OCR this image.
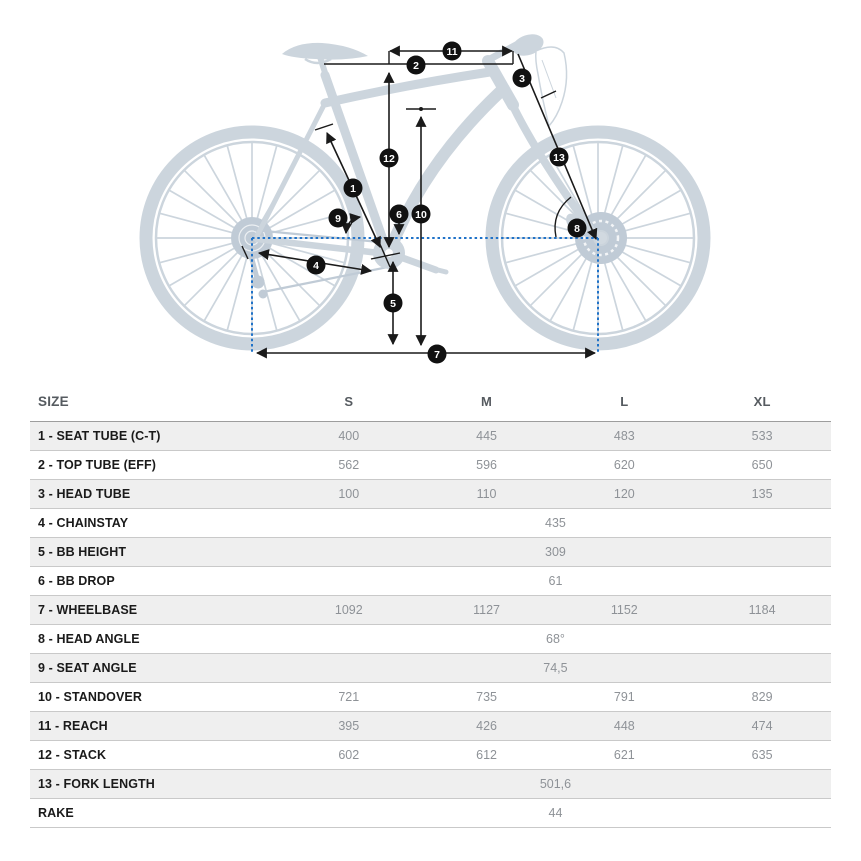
1
2
3
4
5
6
7
8
9	10
11
12	13
SIZE	S	M	L	XL
1 - SEAT TUBE (C-T)	400	445	483	533
2 - TOP TUBE (EFF)	562	596	620	650
3 - HEAD TUBE	100	110	120	135
4 - CHAINSTAY	435			
5 - BB HEIGHT	309			
6 - BB DROP	61			
7 - WHEELBASE	1092	1127	1152	1184
8 - HEAD ANGLE	68°			
9 - SEAT ANGLE	74,5			
10 - STANDOVER	721	735	791	829
11 - REACH	395	426	448	474
12 - STACK	602	612	621	635
13 - FORK LENGTH	501,6			
RAKE	44			
